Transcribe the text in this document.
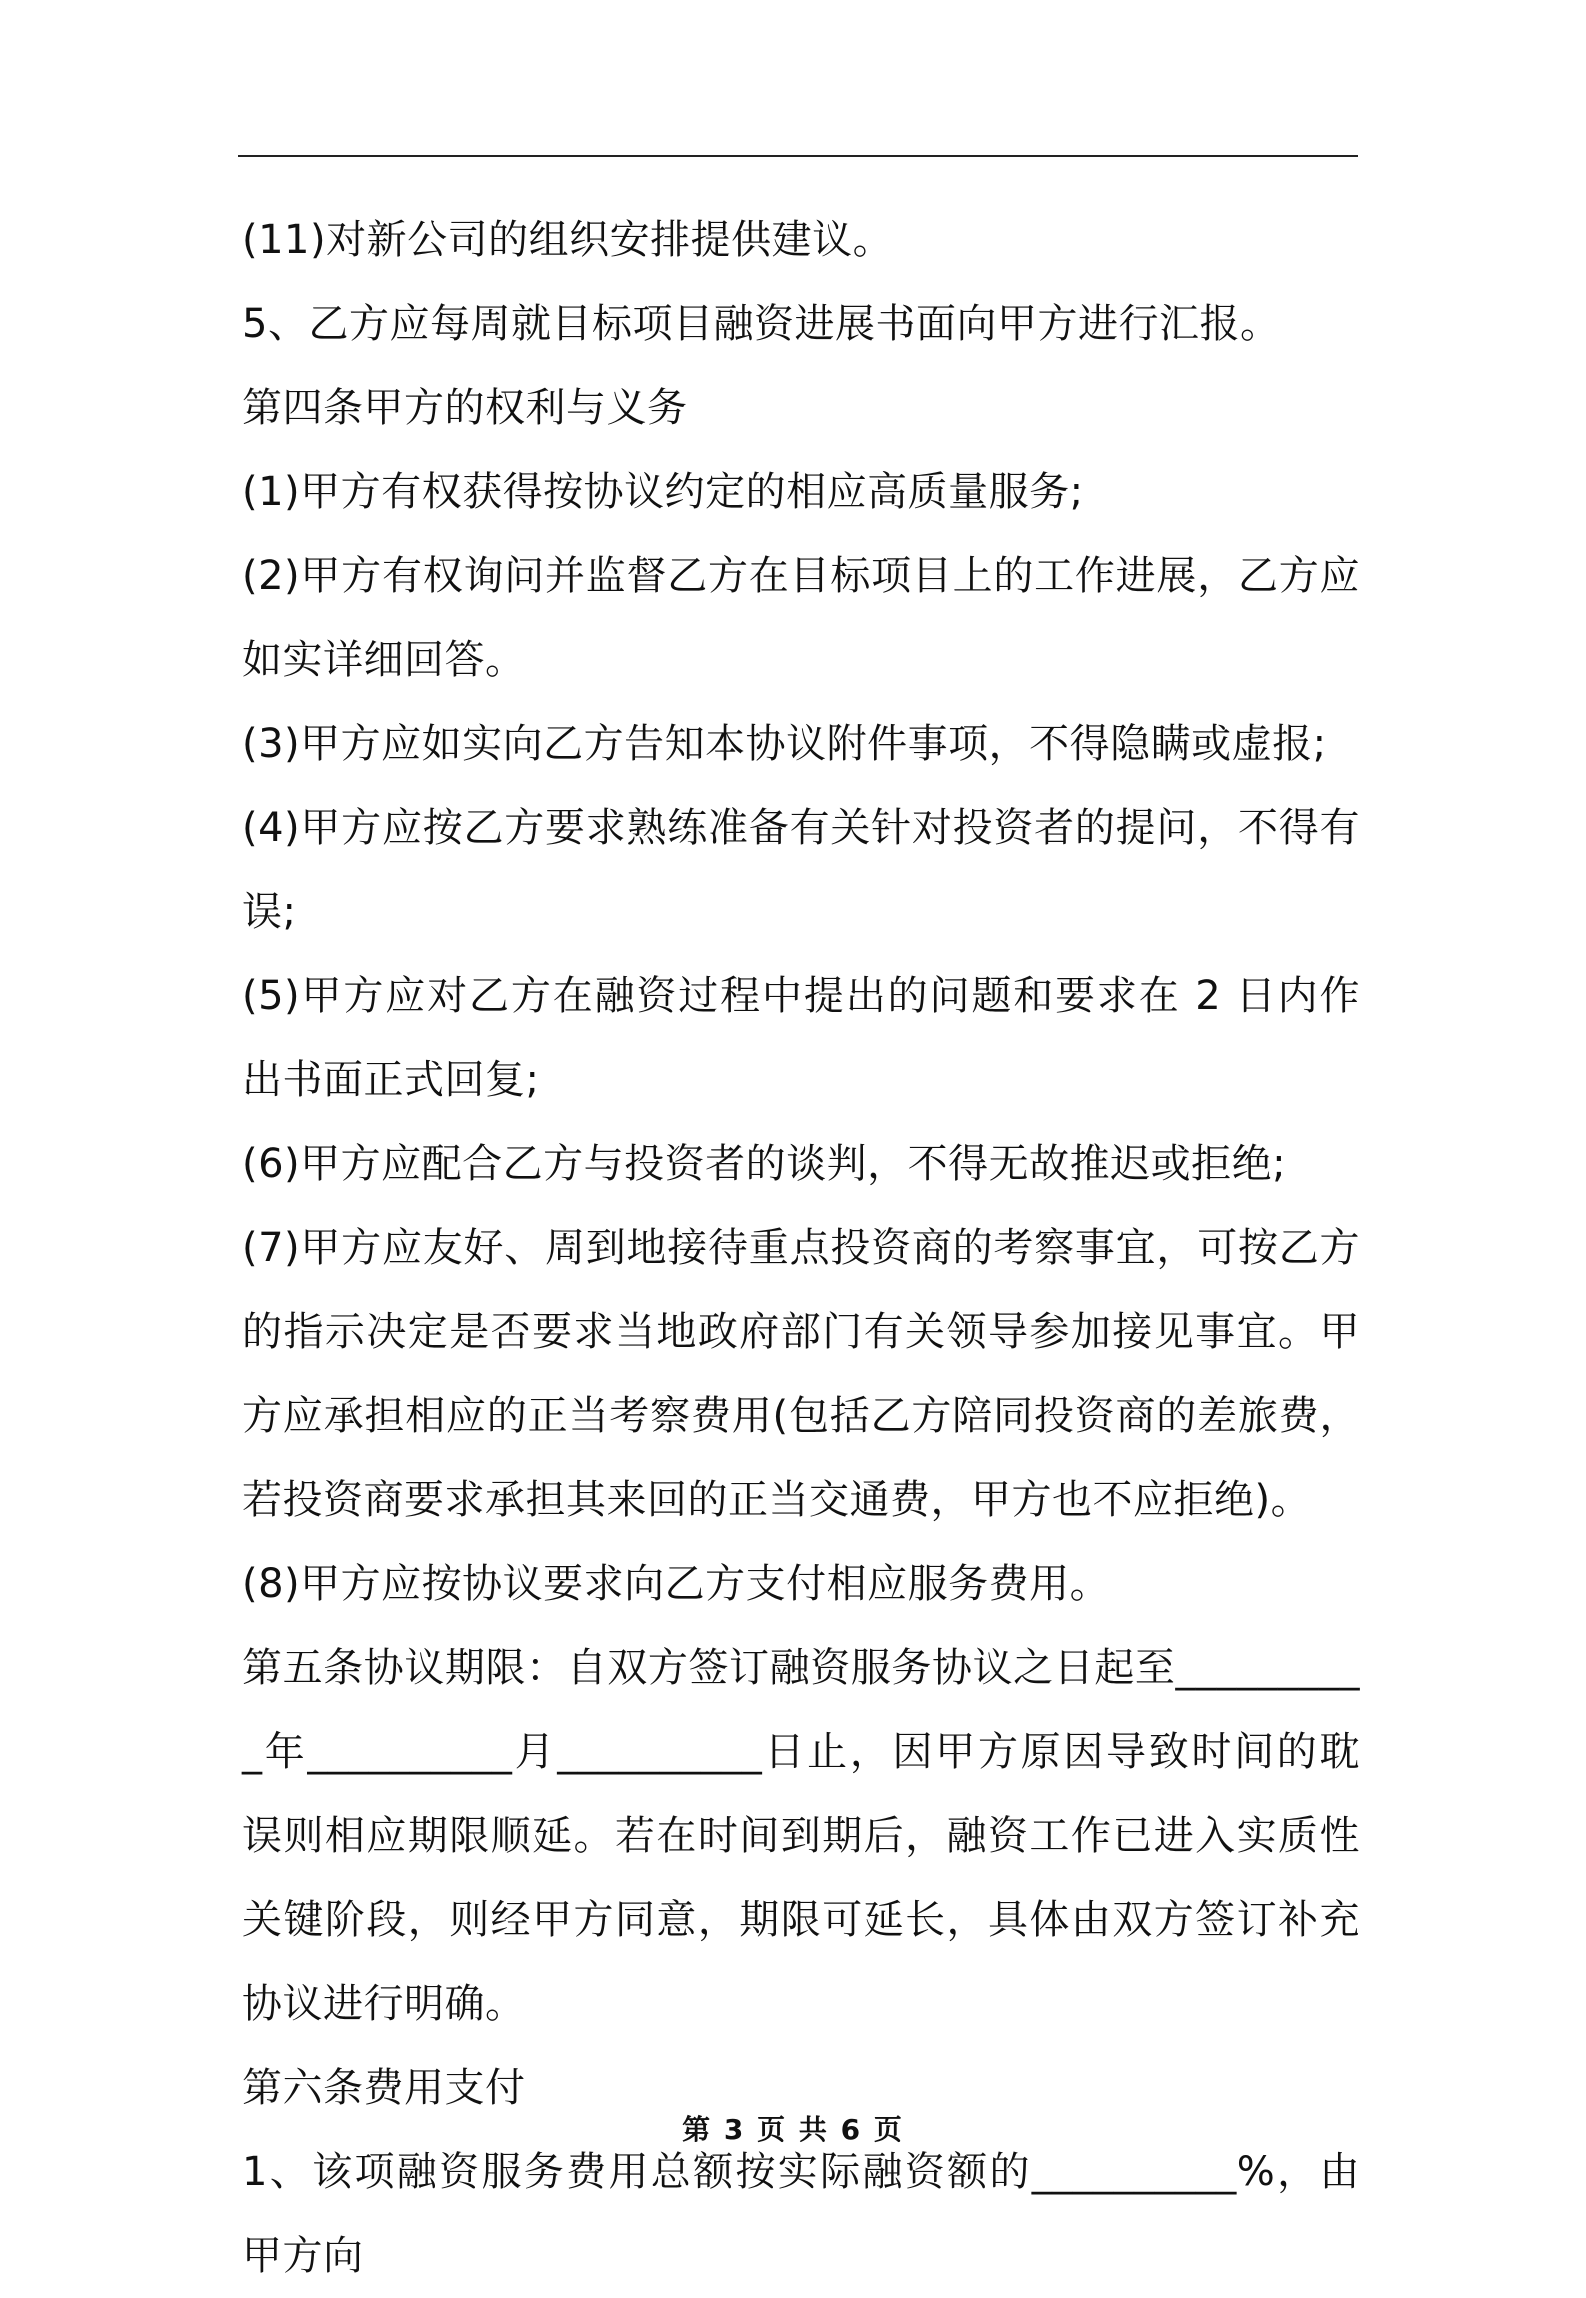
(11)对新公司的组织安排提供建议。

5、乙方应每周就目标项目融资进展书面向甲方进行汇报。

第四条甲方的权利与义务

(1)甲方有权获得按协议约定的相应高质量服务;

(2)甲方有权询问并监督乙方在目标项目上的工作进展，乙方应如实详细回答。

(3)甲方应如实向乙方告知本协议附件事项，不得隐瞒或虚报;

(4)甲方应按乙方要求熟练准备有关针对投资者的提问，不得有误;

(5)甲方应对乙方在融资过程中提出的问题和要求在 2 日内作出书面正式回复;

(6)甲方应配合乙方与投资者的谈判，不得无故推迟或拒绝;

(7)甲方应友好、周到地接待重点投资商的考察事宜，可按乙方的指示决定是否要求当地政府部门有关领导参加接见事宜。甲方应承担相应的正当考察费用(包括乙方陪同投资商的差旅费，若投资商要求承担其来回的正当交通费，甲方也不应拒绝)。

(8)甲方应按协议要求向乙方支付相应服务费用。

第五条协议期限：自双方签订融资服务协议之日起至__________年__________月__________日止，因甲方原因导致时间的耽误则相应期限顺延。若在时间到期后，融资工作已进入实质性关键阶段，则经甲方同意，期限可延长，具体由双方签订补充协议进行明确。

第六条费用支付

1、该项融资服务费用总额按实际融资额的__________%，由甲方向

第 3 页 共 6 页
